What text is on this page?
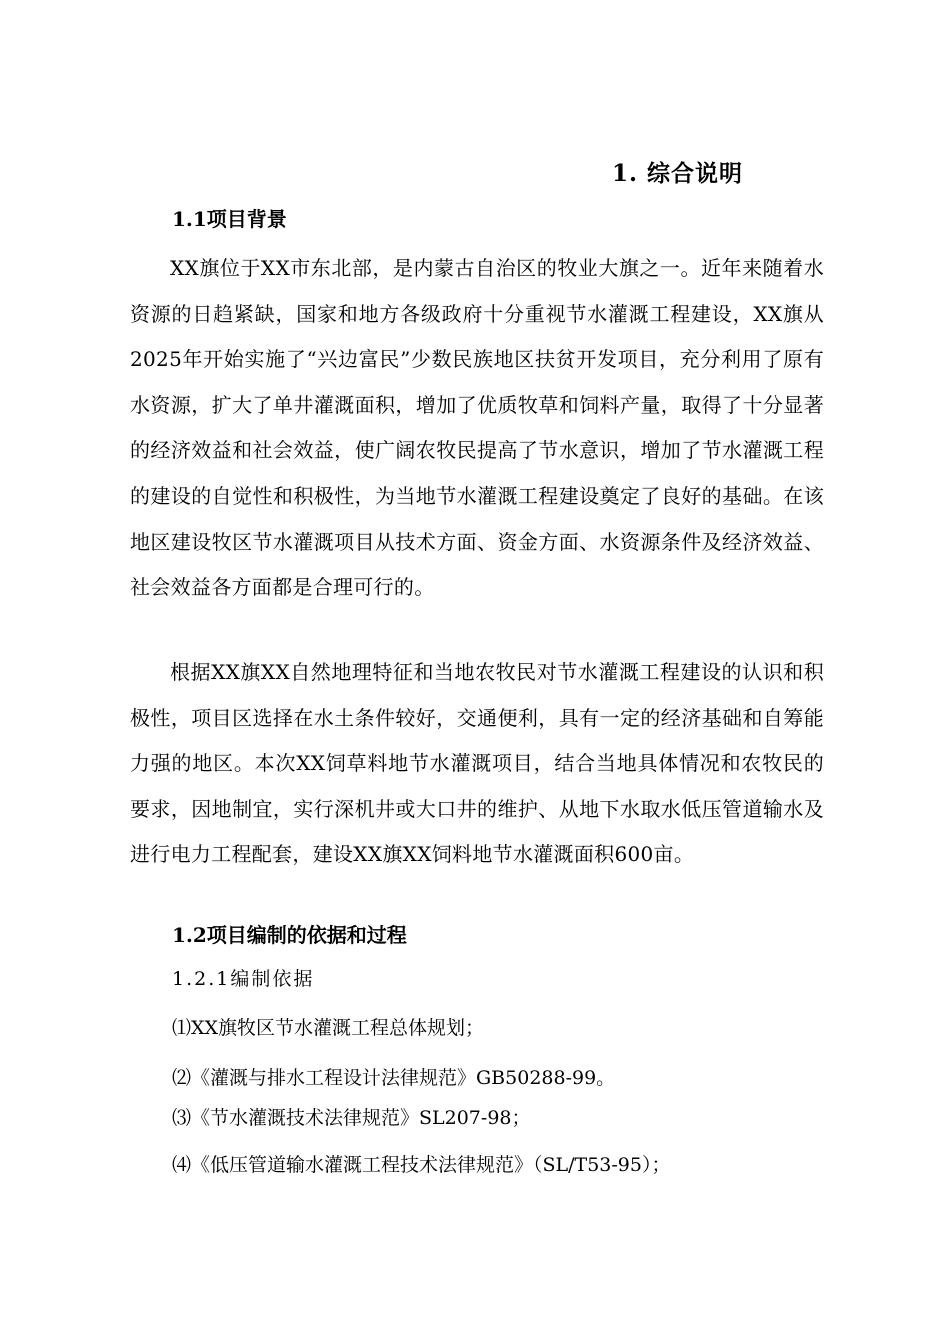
1. 综合说明
1.1项目背景

XX旗位于XX市东北部，是内蒙古自治区的牧业大旗之一。近年来随着水资源的日趋紧缺，国家和地方各级政府十分重视节水灌溉工程建设，XX旗从2025年开始实施了“兴边富民”少数民族地区扶贫开发项目，充分利用了原有水资源，扩大了单井灌溉面积，增加了优质牧草和饲料产量，取得了十分显著的经济效益和社会效益，使广阔农牧民提高了节水意识，增加了节水灌溉工程的建设的自觉性和积极性，为当地节水灌溉工程建设奠定了良好的基础。在该地区建设牧区节水灌溉项目从技术方面、资金方面、水资源条件及经济效益、社会效益各方面都是合理可行的。

根据XX旗XX自然地理特征和当地农牧民对节水灌溉工程建设的认识和积极性，项目区选择在水土条件较好，交通便利，具有一定的经济基础和自筹能力强的地区。本次XX饲草料地节水灌溉项目，结合当地具体情况和农牧民的要求，因地制宜，实行深机井或大口井的维护、从地下水取水低压管道输水及进行电力工程配套，建设XX旗XX饲料地节水灌溉面积600亩。

1.2项目编制的依据和过程
1.2.1编制依据
⑴XX旗牧区节水灌溉工程总体规划；
⑵《灌溉与排水工程设计法律规范》GB50288-99。
⑶《节水灌溉技术法律规范》SL207-98；
⑷《低压管道输水灌溉工程技术法律规范》（SL/T53-95）；
